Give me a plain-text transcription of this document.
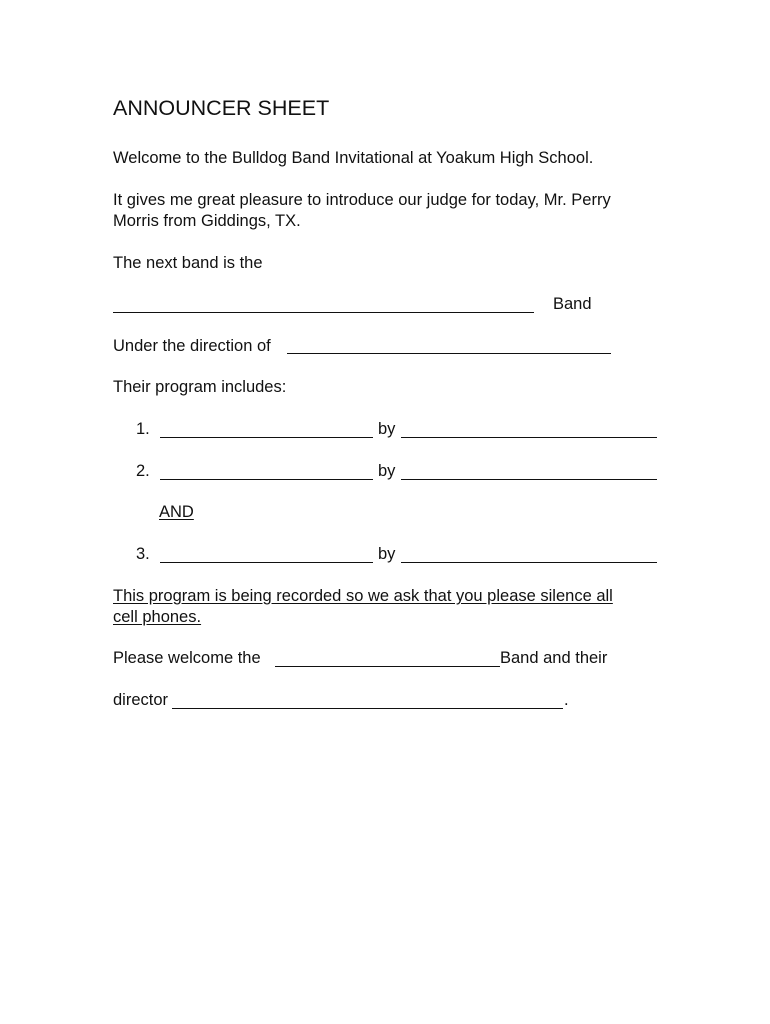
ANNOUNCER SHEET
Welcome to the Bulldog Band Invitational at Yoakum High School.
It gives me great pleasure to introduce our judge for today, Mr. Perry
Morris from Giddings, TX.
The next band is the
Band
Under the direction of
Their program includes:
1.	by
2.	by
AND
3.	by
This program is being recorded so we ask that you please silence all
cell phones.
Please welcome the	Band and their
director	.
